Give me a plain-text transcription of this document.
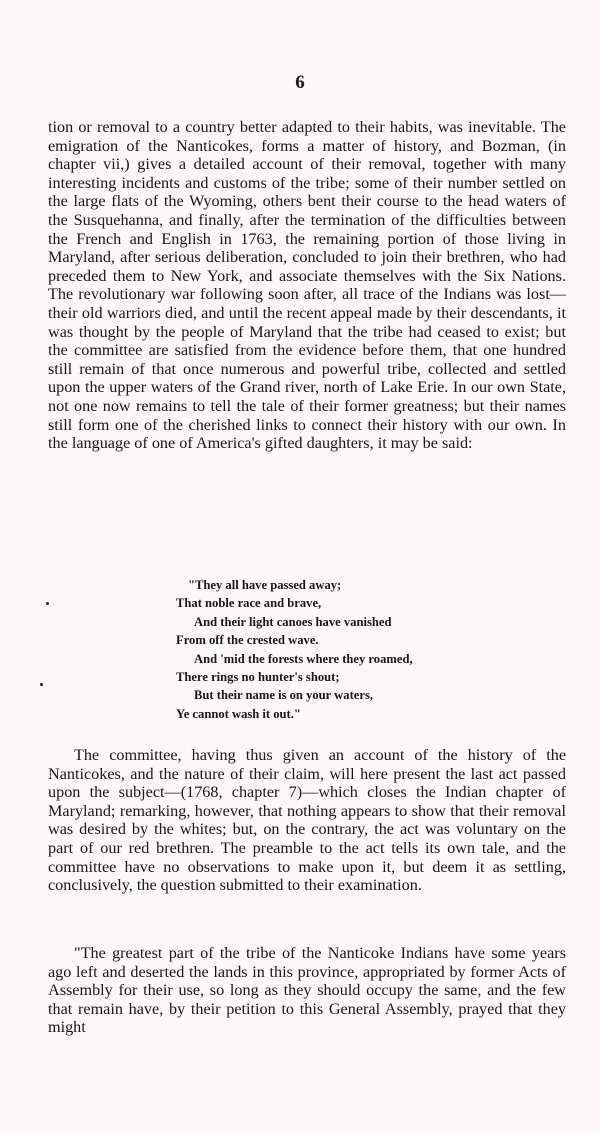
6

tion or removal to a country better adapted to their habits, was inevitable. The emigration of the Nanticokes, forms a matter of history, and Bozman, (in chapter vii,) gives a detailed account of their removal, together with many interesting incidents and customs of the tribe; some of their number settled on the large flats of the Wyoming, others bent their course to the head waters of the Susquehanna, and finally, after the termination of the difficulties between the French and English in 1763, the remaining portion of those living in Maryland, after serious deliberation, concluded to join their brethren, who had preceded them to New York, and associate themselves with the Six Nations. The revolutionary war following soon after, all trace of the Indians was lost—their old warriors died, and until the recent appeal made by their descendants, it was thought by the people of Maryland that the tribe had ceased to exist; but the committee are satisfied from the evidence before them, that one hundred still remain of that once numerous and powerful tribe, collected and settled upon the upper waters of the Grand river, north of Lake Erie. In our own State, not one now remains to tell the tale of their former greatness; but their names still form one of the cherished links to connect their history with our own. In the language of one of America's gifted daughters, it may be said:

"They all have passed away;
That noble race and brave,
And their light canoes have vanished
From off the crested wave.
And 'mid the forests where they roamed,
There rings no hunter's shout;
But their name is on your waters,
Ye cannot wash it out."

The committee, having thus given an account of the history of the Nanticokes, and the nature of their claim, will here present the last act passed upon the subject—(1768, chapter 7)—which closes the Indian chapter of Maryland; remarking, however, that nothing appears to show that their removal was desired by the whites; but, on the contrary, the act was voluntary on the part of our red brethren. The preamble to the act tells its own tale, and the committee have no observations to make upon it, but deem it as settling, conclusively, the question submitted to their examination.

"The greatest part of the tribe of the Nanticoke Indians have some years ago left and deserted the lands in this province, appropriated by former Acts of Assembly for their use, so long as they should occupy the same, and the few that remain have, by their petition to this General Assembly, prayed that they might
